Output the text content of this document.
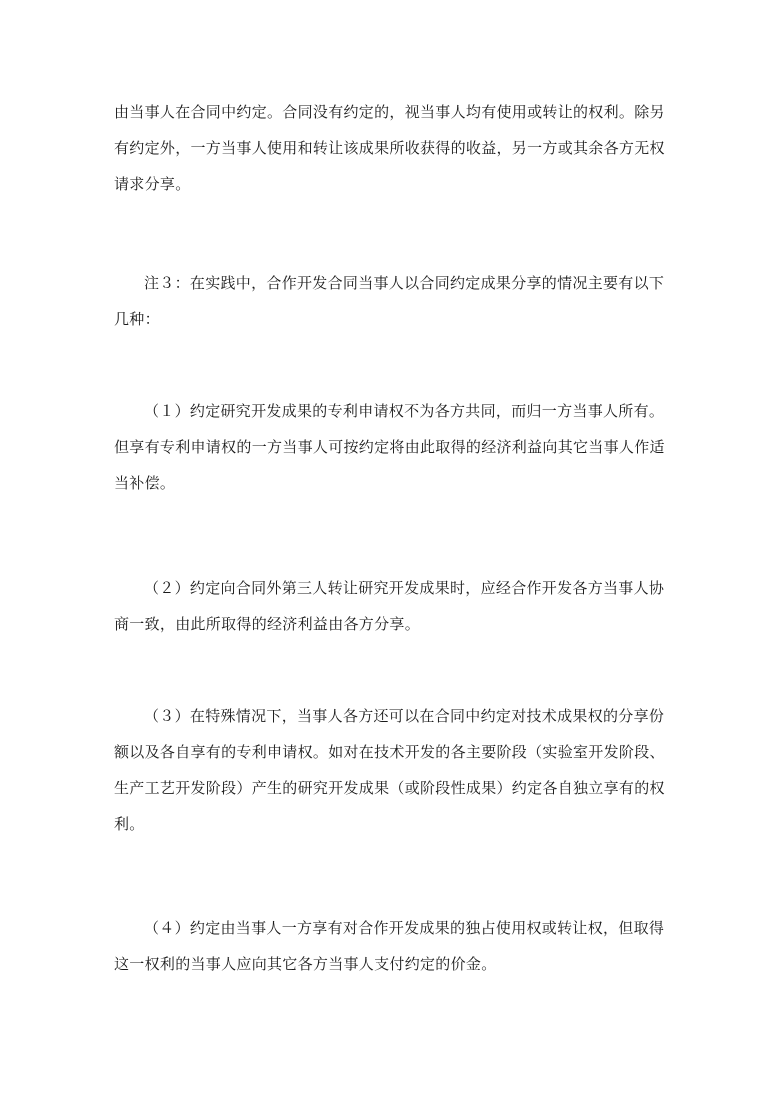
由当事人在合同中约定。合同没有约定的，视当事人均有使用或转让的权利。除另
有约定外，一方当事人使用和转让该成果所收获得的收益，另一方或其余各方无权
请求分享。
注３：在实践中，合作开发合同当事人以合同约定成果分享的情况主要有以下
几种：
（１）约定研究开发成果的专利申请权不为各方共同，而归一方当事人所有。
但享有专利申请权的一方当事人可按约定将由此取得的经济利益向其它当事人作适
当补偿。
（２）约定向合同外第三人转让研究开发成果时，应经合作开发各方当事人协
商一致，由此所取得的经济利益由各方分享。
（３）在特殊情况下，当事人各方还可以在合同中约定对技术成果权的分享份
额以及各自享有的专利申请权。如对在技术开发的各主要阶段（实验室开发阶段、
生产工艺开发阶段）产生的研究开发成果（或阶段性成果）约定各自独立享有的权
利。
（４）约定由当事人一方享有对合作开发成果的独占使用权或转让权，但取得
这一权利的当事人应向其它各方当事人支付约定的价金。
